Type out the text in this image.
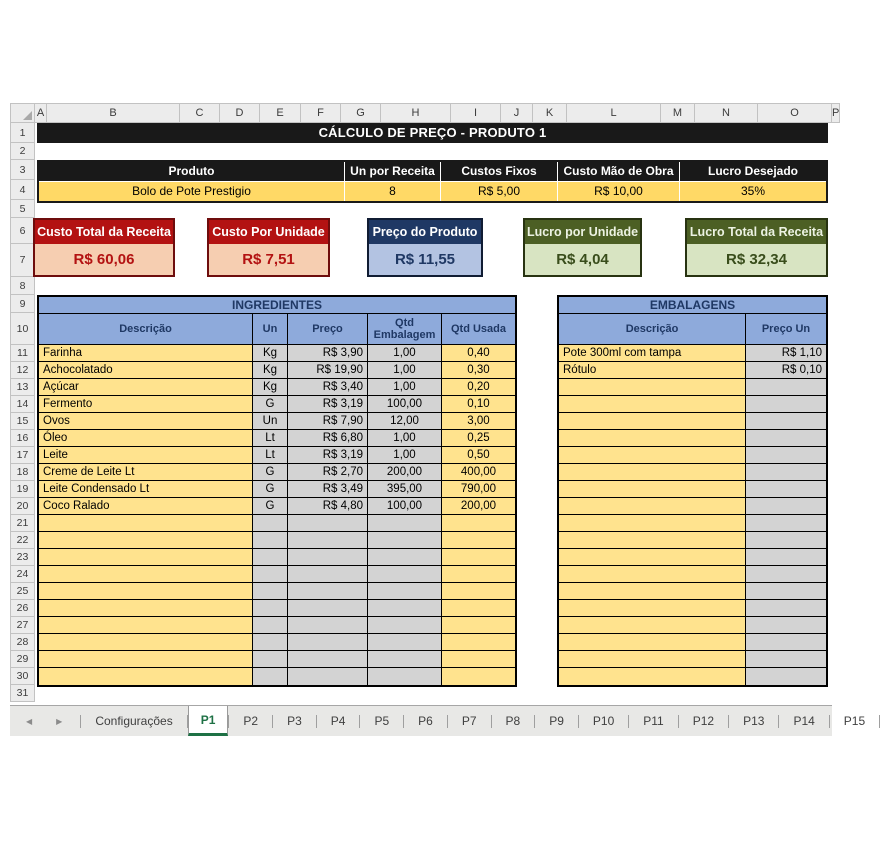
A	B	C	D	E	F	G	H	I	J	K	L	M	N	O	P
1
2
3
4
5
6
7
8
9
10
11
12
13
14
15
16
17
18
19
20
21
22
23
24
25
26
27
28
29
30
31
CÁLCULO DE PREÇO - PRODUTO 1
Produto	Un por Receita	Custos Fixos	Custo Mão de Obra	Lucro Desejado
Bolo de Pote Prestigio	8	R$ 5,00	R$ 10,00	35%
Custo Total da Receita
R$ 60,06
Custo Por Unidade
R$ 7,51
Preço do Produto
R$ 11,55
Lucro por Unidade
R$ 4,04
Lucro Total da Receita
R$ 32,34
INGREDIENTES
Descrição	Un	Preço	Qtd Embalagem	Qtd Usada
Farinha	Kg	R$ 3,90	1,00	0,40
Achocolatado	Kg	R$ 19,90	1,00	0,30
Açúcar	Kg	R$ 3,40	1,00	0,20
Fermento	G	R$ 3,19	100,00	0,10
Ovos	Un	R$ 7,90	12,00	3,00
Óleo	Lt	R$ 6,80	1,00	0,25
Leite	Lt	R$ 3,19	1,00	0,50
Creme de Leite Lt	G	R$ 2,70	200,00	400,00
Leite Condensado Lt	G	R$ 3,49	395,00	790,00
Coco Ralado	G	R$ 4,80	100,00	200,00
EMBALAGENS
Descrição	Preço Un
Pote 300ml com tampa	R$ 1,10
Rótulo	R$ 0,10
◀	▶	Configurações	P1	P2	P3	P4	P5	P6	P7	P8	P9	P10	P11	P12	P13	P14	P15
